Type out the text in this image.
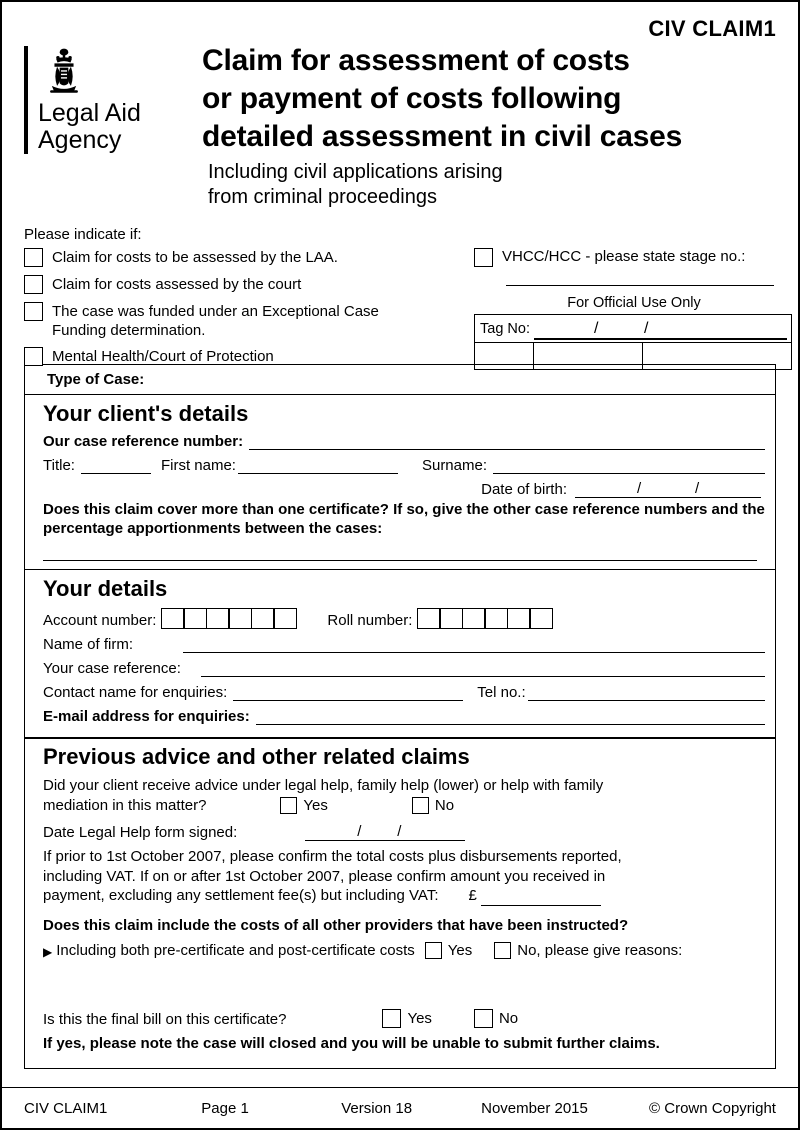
CIV CLAIM1
Legal Aid
Agency
Claim for assessment of costs
or payment of costs following
detailed assessment in civil cases
Including civil applications arising
from criminal proceedings
Please indicate if:
Claim for costs to be assessed by the LAA.
Claim for costs assessed by the court
The case was funded under an Exceptional Case Funding determination.
Mental Health/Court of Protection
VHCC/HCC - please state stage no.:
For Official Use Only
Tag No:	/	/
Type of Case:
Your client's details
Our case reference number:
Title:	First name:	Surname:
Date of birth:	/	/
Does this claim cover more than one certificate? If so, give the other case reference numbers and the percentage apportionments between the cases:
Your details
Account number:	Roll number:
Name of firm:
Your case reference:
Contact name for enquiries:	Tel no.:
E-mail address for enquiries:
Previous advice and other related claims
Did your client receive advice under legal help, family help (lower) or help with family
mediation in this matter?	Yes	No
Date Legal Help form signed:	/ /
If prior to 1st October 2007, please confirm the total costs plus disbursements reported,
including VAT. If on or after 1st October 2007, please confirm amount you received in
payment, excluding any settlement fee(s) but including VAT: £
Does this claim include the costs of all other providers that have been instructed?
▶ Including both pre-certificate and post-certificate costs Yes	No, please give reasons:
Is this the final bill on this certificate?	Yes	No
If yes, please note the case will closed and you will be unable to submit further claims.
CIV CLAIM1	Page 1	Version 18	November 2015	© Crown Copyright
